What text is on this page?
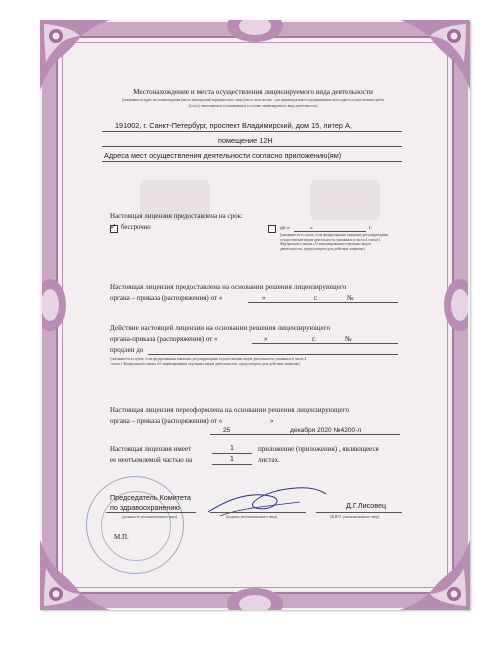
Местонахождение и места осуществления лицензируемого вида деятельности
(указываются адрес местонахождения (место нахождения) юридического лица (место жительства - для индивидуального предпринимателя) и адреса осуществления работ
(услуг), выполняемых (оказываемых) в составе лицензируемого вида деятельности)
191002, г. Санкт-Петербург, проспект Владимирский, дом 15, литер А,
помещение 12Н
Адреса мест осуществления деятельности согласно приложению(ям)
Настоящая лицензия предоставлена на срок:
✓ бессрочно	до «	»	г.
(указывается в случае, если федеральными законами, регулирующими осуществление видов деятельности, указанных в части 4 статьи 1 Федерального закона «О лицензировании отдельных видов деятельности», предусмотрен срок действия лицензии)
Настоящая лицензия предоставлена на основании решения лицензирующего
органа – приказа (распоряжения) от «	»	г.	№
Действие настоящей лицензии на основании решения лицензирующего
органа-приказа (распоряжения) от «	»	г.	№
продлен до
(указывается в случае, если федеральными законами, регулирующими осуществление видов деятельности, указанных в части 4 статьи 1 Федерального закона «О лицензировании отдельных видов деятельности», предусмотрен срок действия лицензии)
Настоящая лицензия переоформлена на основании решения лицензирующего
органа – приказа (распоряжения) от «	»
25	декабря 2020 №4200-л
Настоящая лицензия имеет	1	приложение (приложения) , являющееся
ее неотъемлемой частью на	1	листах.
Председатель Комитета
по здравоохранению
(должность уполномоченного лица)	(подпись уполномоченного лица)
Д.Г.Лисовец
(Ф.И.О. уполномоченного лица)
М.П.
